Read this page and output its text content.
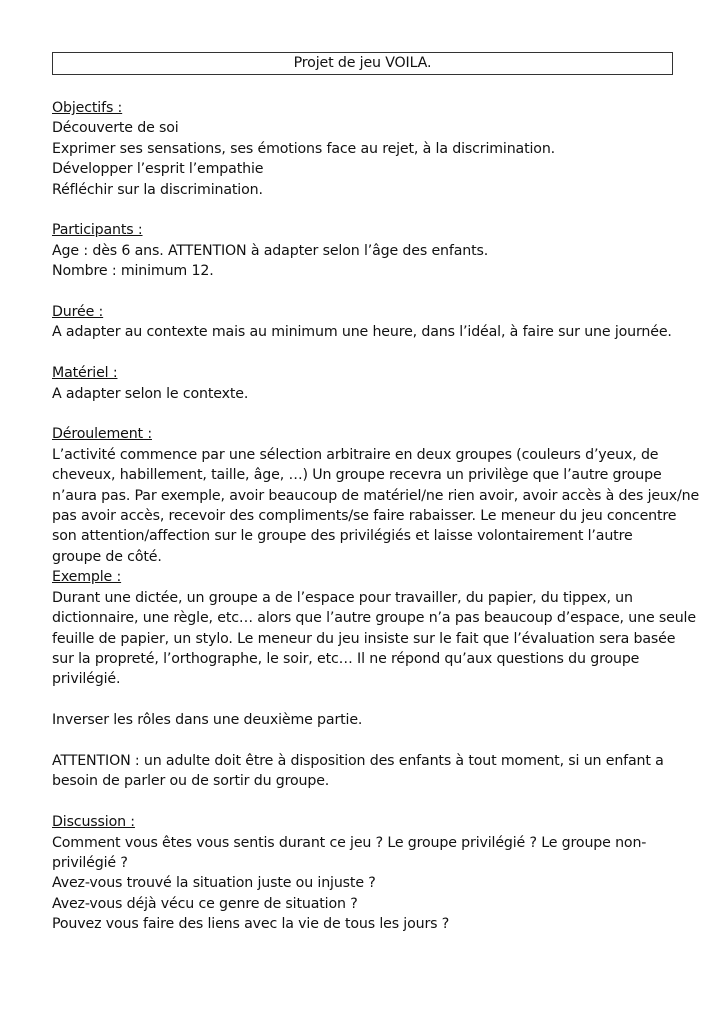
Projet de jeu VOILA.
Objectifs :
Découverte de soi
Exprimer ses sensations, ses émotions face au rejet, à la discrimination.
Développer l’esprit l’empathie
Réfléchir sur la discrimination.
Participants :
Age : dès 6 ans. ATTENTION à adapter selon l’âge des enfants.
Nombre : minimum 12.
Durée :
A adapter au contexte mais au minimum une heure, dans l’idéal, à faire sur une journée.
Matériel :
A adapter selon le contexte.
Déroulement :
L’activité commence par une sélection arbitraire en deux groupes (couleurs d’yeux, de
cheveux, habillement, taille, âge, …) Un groupe recevra un privilège que l’autre groupe
n’aura pas. Par exemple, avoir beaucoup de matériel/ne rien avoir, avoir accès à des jeux/ne
pas avoir accès, recevoir des compliments/se faire rabaisser. Le meneur du jeu concentre
son attention/affection sur le groupe des privilégiés et laisse volontairement l’autre
groupe de côté.
Exemple :
Durant une dictée, un groupe a de l’espace pour travailler, du papier, du tippex, un
dictionnaire, une règle, etc… alors que l’autre groupe n’a pas beaucoup d’espace, une seule
feuille de papier, un stylo. Le meneur du jeu insiste sur le fait que l’évaluation sera basée
sur la propreté, l’orthographe, le soir, etc… Il ne répond qu’aux questions du groupe
privilégié.
Inverser les rôles dans une deuxième partie.
ATTENTION : un adulte doit être à disposition des enfants à tout moment, si un enfant a
besoin de parler ou de sortir du groupe.
Discussion :
Comment vous êtes vous sentis durant ce jeu ? Le groupe privilégié ? Le groupe non-
privilégié ?
Avez-vous trouvé la situation juste ou injuste ?
Avez-vous déjà vécu ce genre de situation ?
Pouvez vous faire des liens avec la vie de tous les jours ?
